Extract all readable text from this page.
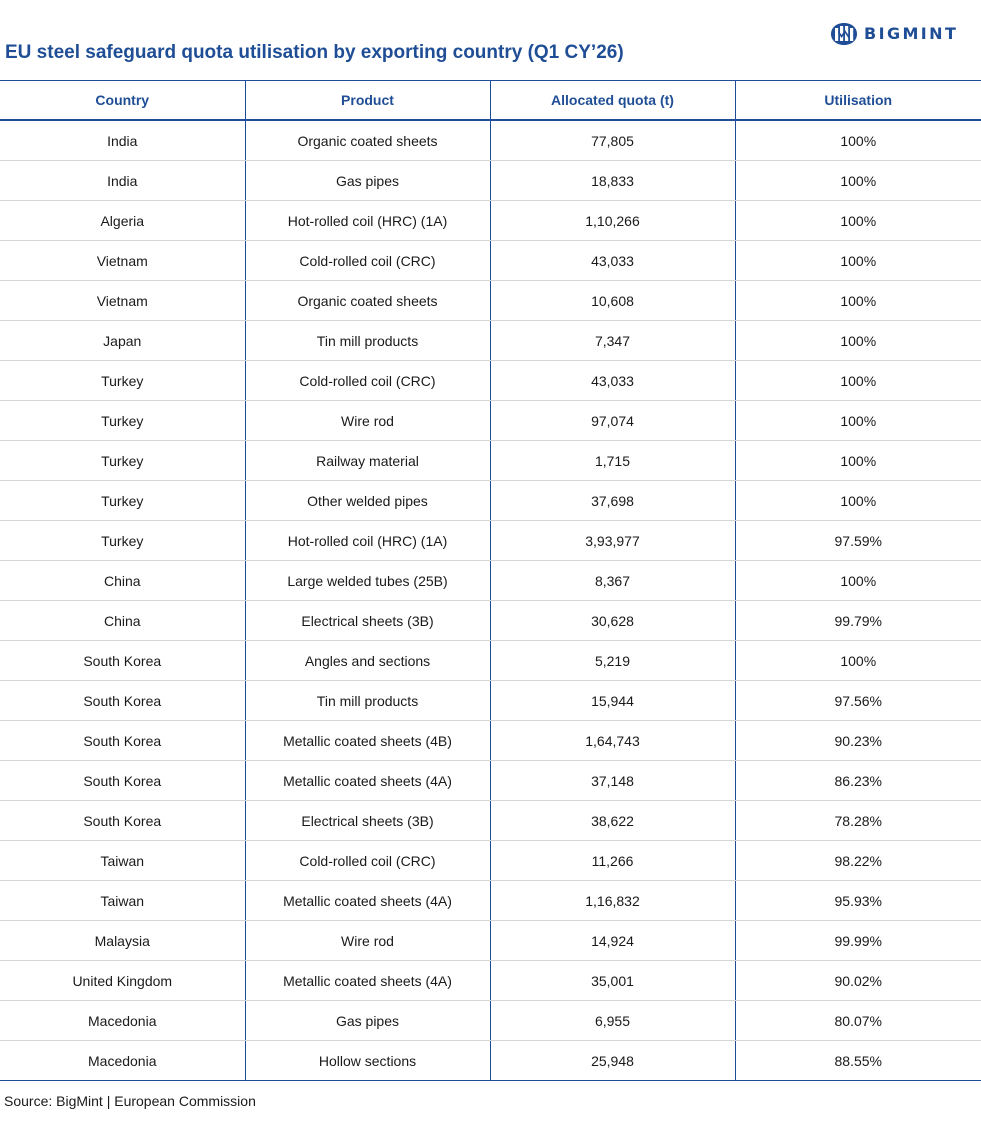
EU steel safeguard quota utilisation by exporting country (Q1 CY’26)
BIGMINT
Country	Product	Allocated quota (t)	Utilisation
India	Organic coated sheets	77,805	100%
India	Gas pipes	18,833	100%
Algeria	Hot-rolled coil (HRC) (1A)	1,10,266	100%
Vietnam	Cold-rolled coil (CRC)	43,033	100%
Vietnam	Organic coated sheets	10,608	100%
Japan	Tin mill products	7,347	100%
Turkey	Cold-rolled coil (CRC)	43,033	100%
Turkey	Wire rod	97,074	100%
Turkey	Railway material	1,715	100%
Turkey	Other welded pipes	37,698	100%
Turkey	Hot-rolled coil (HRC) (1A)	3,93,977	97.59%
China	Large welded tubes (25B)	8,367	100%
China	Electrical sheets (3B)	30,628	99.79%
South Korea	Angles and sections	5,219	100%
South Korea	Tin mill products	15,944	97.56%
South Korea	Metallic coated sheets (4B)	1,64,743	90.23%
South Korea	Metallic coated sheets (4A)	37,148	86.23%
South Korea	Electrical sheets (3B)	38,622	78.28%
Taiwan	Cold-rolled coil (CRC)	11,266	98.22%
Taiwan	Metallic coated sheets (4A)	1,16,832	95.93%
Malaysia	Wire rod	14,924	99.99%
United Kingdom	Metallic coated sheets (4A)	35,001	90.02%
Macedonia	Gas pipes	6,955	80.07%
Macedonia	Hollow sections	25,948	88.55%
Source: BigMint | European Commission
